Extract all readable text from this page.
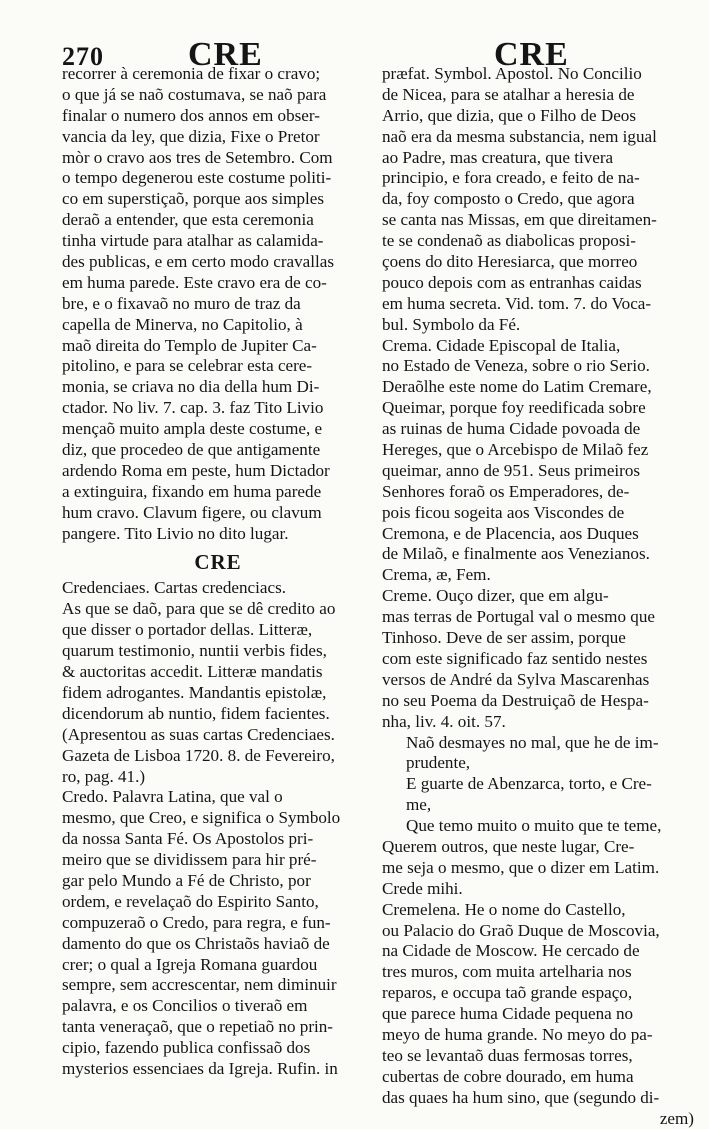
270 CRE	CRE
recorrer à ceremonia de fixar o cravo;
o que já se naõ costumava, se naõ para
finalar o numero dos annos em obser-
vancia da ley, que dizia, Fixe o Pretor
mòr o cravo aos tres de Setembro. Com
o tempo degenerou este costume politi-
co em superstiçaõ, porque aos simples
deraõ a entender, que esta ceremonia
tinha virtude para atalhar as calamida-
des publicas, e em certo modo cravallas
em huma parede. Este cravo era de co-
bre, e o fixavaõ no muro de traz da
capella de Minerva, no Capitolio, à
maõ direita do Templo de Jupiter Ca-
pitolino, e para se celebrar esta cere-
monia, se criava no dia della hum Di-
ctador. No liv. 7. cap. 3. faz Tito Livio
mençaõ muito ampla deste costume, e
diz, que procedeo de que antigamente
ardendo Roma em peste, hum Dictador
a extinguira, fixando em huma parede
hum cravo. Clavum figere, ou clavum
pangere. Tito Livio no dito lugar.
CRE
Credenciaes. Cartas credenciacs.
As que se daõ, para que se dê credito ao
que disser o portador dellas. Litteræ,
quarum testimonio, nuntii verbis fides,
& auctoritas accedit. Litteræ mandatis
fidem adrogantes. Mandantis epistolæ,
dicendorum ab nuntio, fidem facientes.
(Apresentou as suas cartas Credenciaes.
Gazeta de Lisboa 1720. 8. de Fevereiro,
ro, pag. 41.)
Credo. Palavra Latina, que val o
mesmo, que Creo, e significa o Symbolo
da nossa Santa Fé. Os Apostolos pri-
meiro que se dividissem para hir pré-
gar pelo Mundo a Fé de Christo, por
ordem, e revelaçaõ do Espirito Santo,
compuzeraõ o Credo, para regra, e fun-
damento do que os Christaõs haviaõ de
crer; o qual a Igreja Romana guardou
sempre, sem accrescentar, nem diminuir
palavra, e os Concilios o tiveraõ em
tanta veneraçaõ, que o repetiaõ no prin-
cipio, fazendo publica confissaõ dos
mysterios essenciaes da Igreja. Rufin. in
præfat. Symbol. Apostol. No Concilio
de Nicea, para se atalhar a heresia de
Arrio, que dizia, que o Filho de Deos
naõ era da mesma substancia, nem igual
ao Padre, mas creatura, que tivera
principio, e fora creado, e feito de na-
da, foy composto o Credo, que agora
se canta nas Missas, em que direitamen-
te se condenaõ as diabolicas proposi-
çoens do dito Heresiarca, que morreo
pouco depois com as entranhas caidas
em huma secreta. Vid. tom. 7. do Voca-
bul. Symbolo da Fé.
Crema. Cidade Episcopal de Italia,
no Estado de Veneza, sobre o rio Serio.
Deraõlhe este nome do Latim Cremare,
Queimar, porque foy reedificada sobre
as ruinas de huma Cidade povoada de
Hereges, que o Arcebispo de Milaõ fez
queimar, anno de 951. Seus primeiros
Senhores foraõ os Emperadores, de-
pois ficou sogeita aos Viscondes de
Cremona, e de Placencia, aos Duques
de Milaõ, e finalmente aos Venezianos.
Crema, æ, Fem.
Creme. Ouço dizer, que em algu-
mas terras de Portugal val o mesmo que
Tinhoso. Deve de ser assim, porque
com este significado faz sentido nestes
versos de André da Sylva Mascarenhas
no seu Poema da Destruiçaõ de Hespa-
nha, liv. 4. oit. 57.
Naõ desmayes no mal, que he de im-
prudente,
E guarte de Abenzarca, torto, e Cre-
me,
Que temo muito o muito que te teme,
Querem outros, que neste lugar, Cre-
me seja o mesmo, que o dizer em Latim.
Crede mihi.
Cremelena. He o nome do Castello,
ou Palacio do Graõ Duque de Moscovia,
na Cidade de Moscow. He cercado de
tres muros, com muita artelharia nos
reparos, e occupa taõ grande espaço,
que parece huma Cidade pequena no
meyo de huma grande. No meyo do pa-
teo se levantaõ duas fermosas torres,
cubertas de cobre dourado, em huma
das quaes ha hum sino, que (segundo di-
zem)
